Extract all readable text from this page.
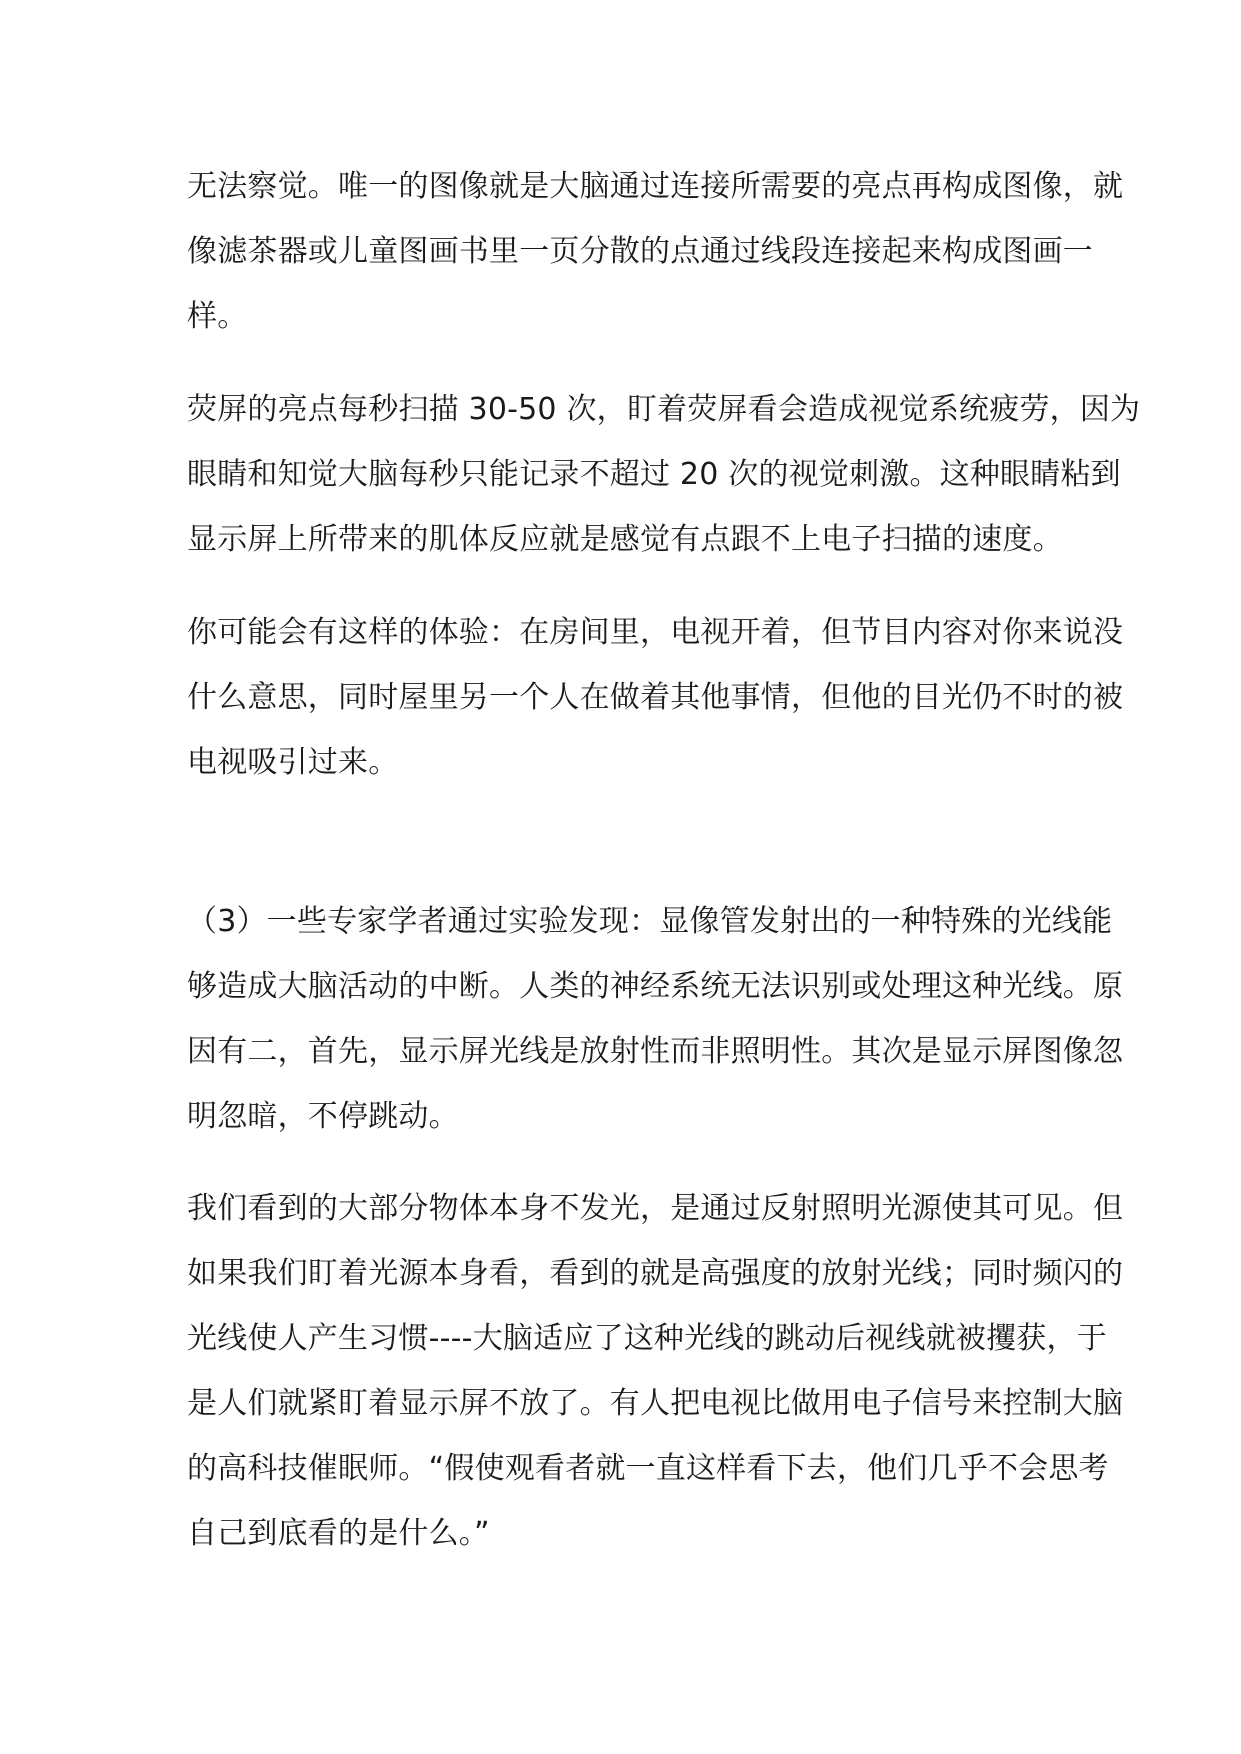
无法察觉。唯一的图像就是大脑通过连接所需要的亮点再构成图像，就
像滤茶器或儿童图画书里一页分散的点通过线段连接起来构成图画一
样。

荧屏的亮点每秒扫描 30-50 次，盯着荧屏看会造成视觉系统疲劳，因为
眼睛和知觉大脑每秒只能记录不超过 20 次的视觉刺激。这种眼睛粘到
显示屏上所带来的肌体反应就是感觉有点跟不上电子扫描的速度。

你可能会有这样的体验：在房间里，电视开着，但节目内容对你来说没
什么意思，同时屋里另一个人在做着其他事情，但他的目光仍不时的被
电视吸引过来。

（3）一些专家学者通过实验发现：显像管发射出的一种特殊的光线能
够造成大脑活动的中断。人类的神经系统无法识别或处理这种光线。原
因有二，首先，显示屏光线是放射性而非照明性。其次是显示屏图像忽
明忽暗，不停跳动。

我们看到的大部分物体本身不发光，是通过反射照明光源使其可见。但
如果我们盯着光源本身看，看到的就是高强度的放射光线；同时频闪的
光线使人产生习惯----大脑适应了这种光线的跳动后视线就被攫获，于
是人们就紧盯着显示屏不放了。有人把电视比做用电子信号来控制大脑
的高科技催眠师。“假使观看者就一直这样看下去，他们几乎不会思考
自己到底看的是什么。”
